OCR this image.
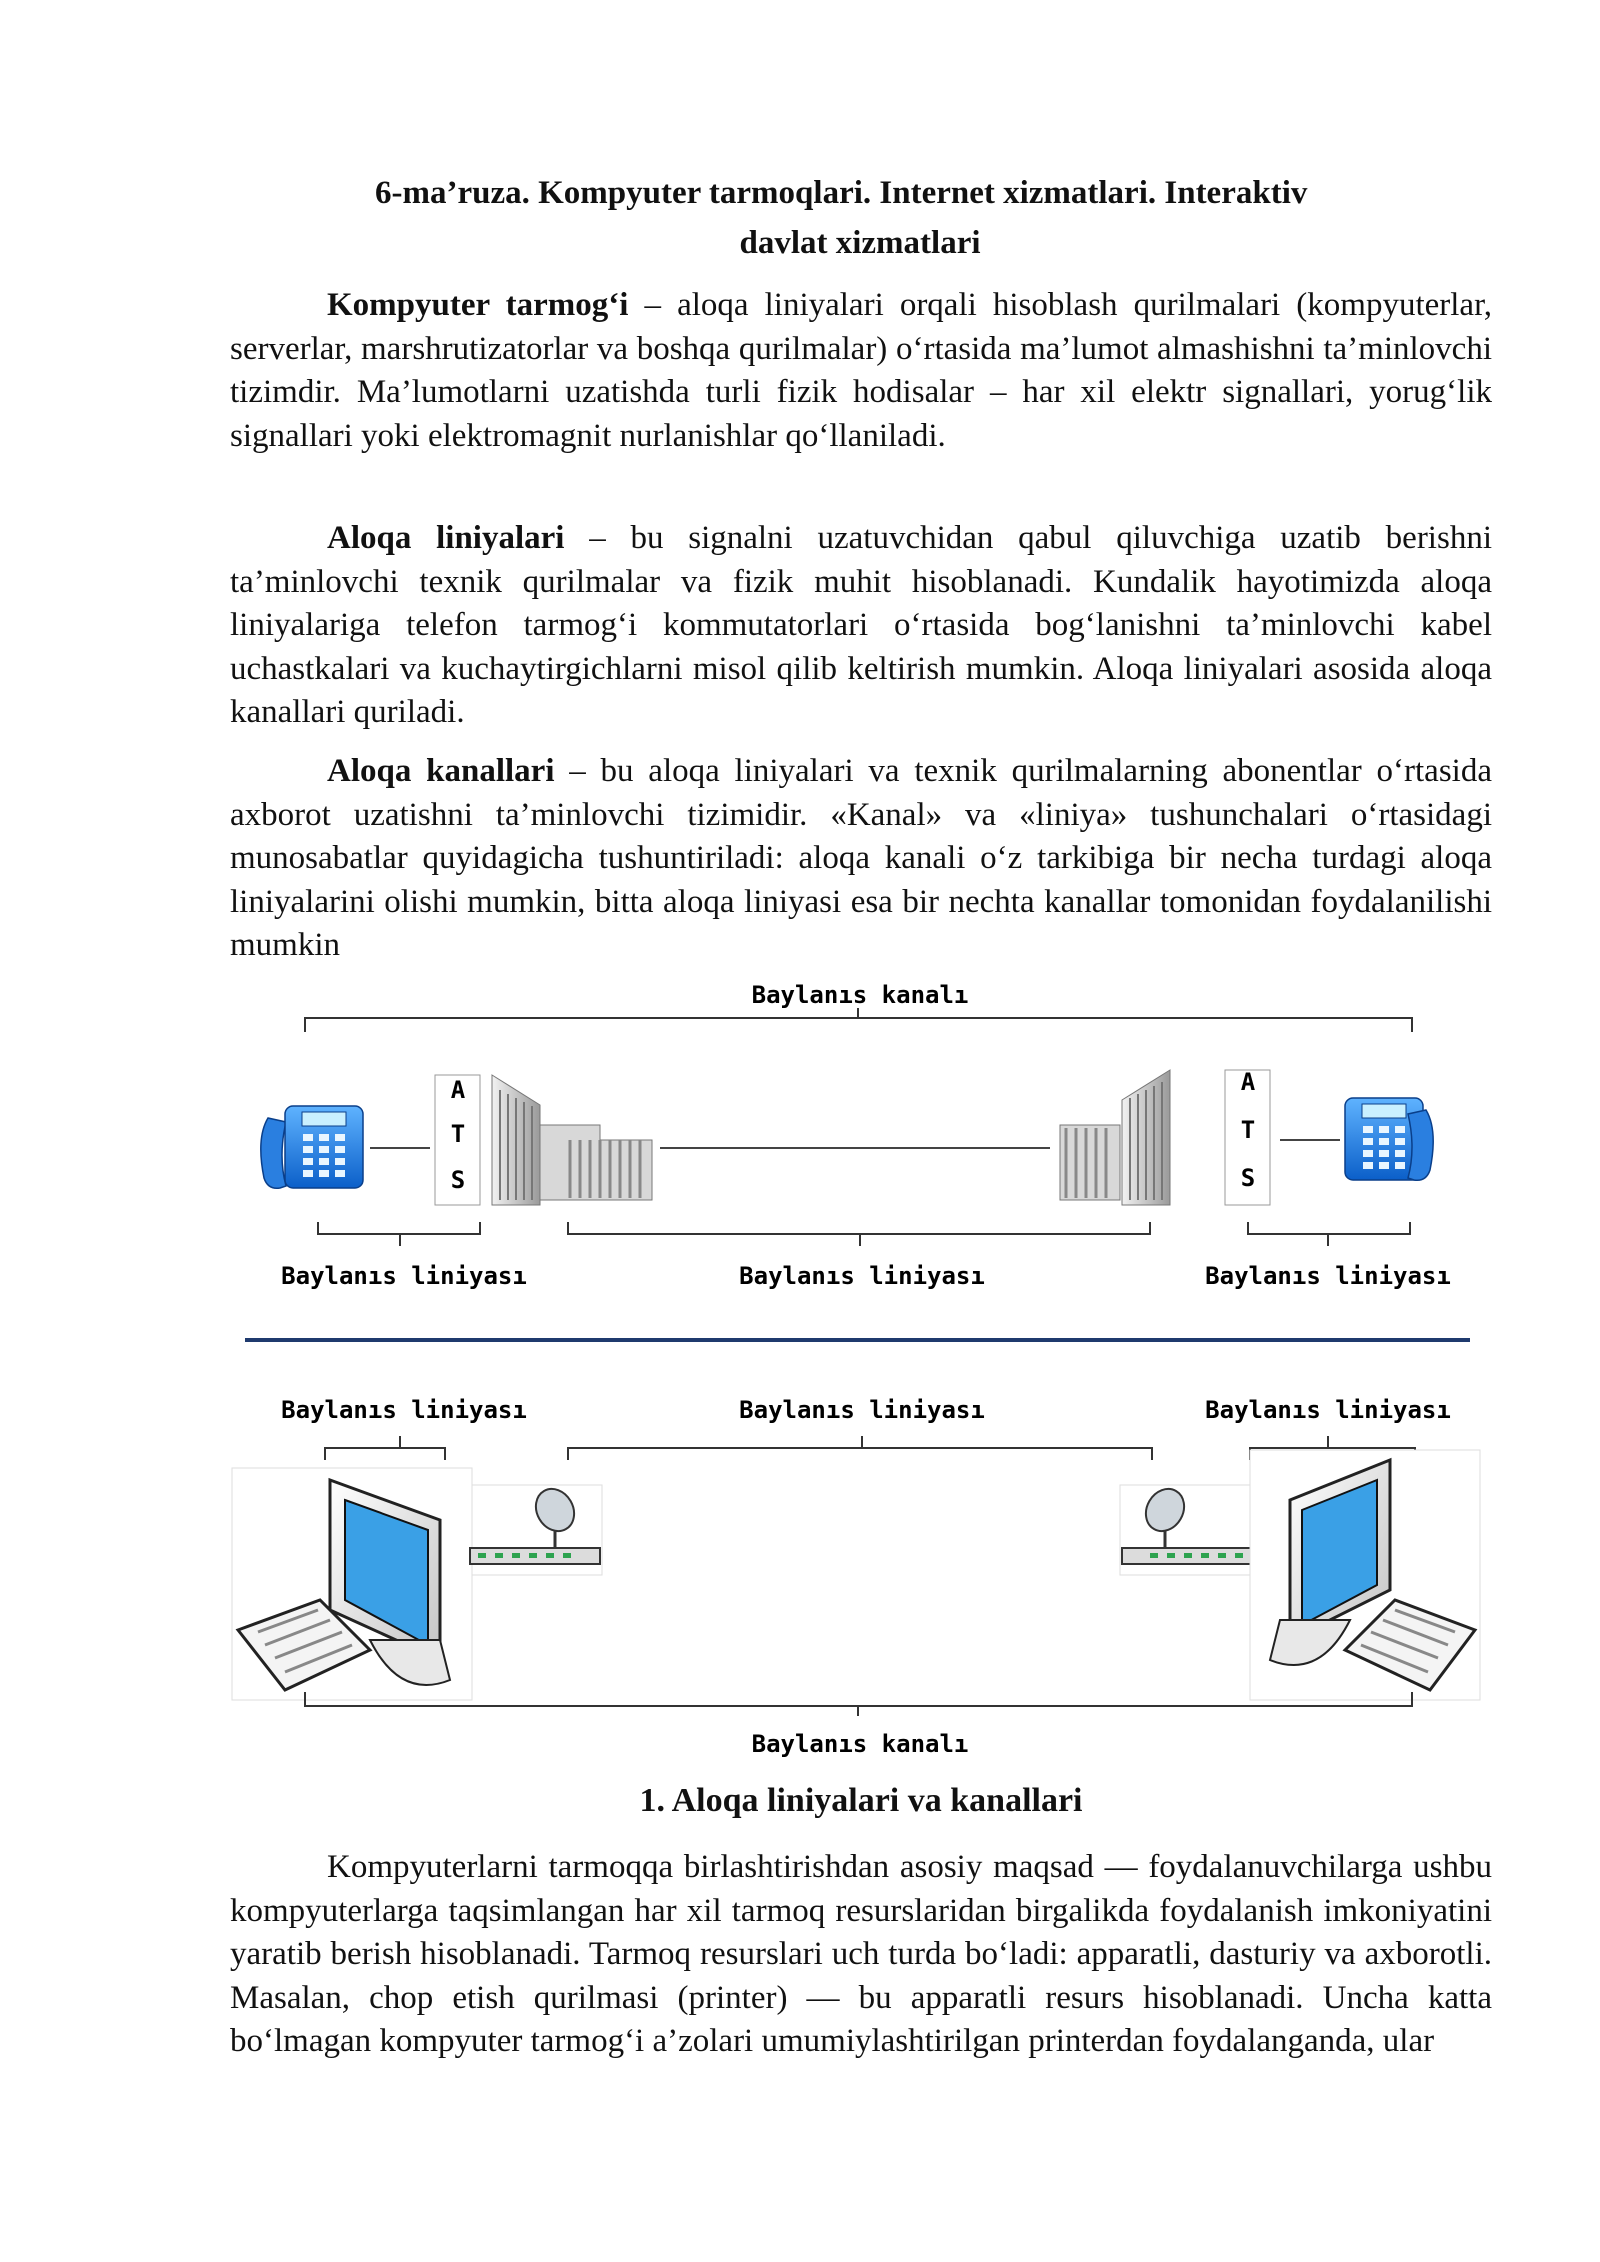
6-ma’ruza. Kompyuter tarmoqlari. Internet xizmatlari. Interaktiv
davlat xizmatlari

Kompyuter tarmog‘i – aloqa liniyalari orqali hisoblash qurilmalari (kompyuterlar, serverlar, marshrutizatorlar va boshqa qurilmalar) o‘rtasida ma’lumot almashishni ta’minlovchi tizimdir. Ma’lumotlarni uzatishda turli fizik hodisalar – har xil elektr signallari, yorug‘lik signallari yoki elektromagnit nurlanishlar qo‘llaniladi.

Aloqa liniyalari – bu signalni uzatuvchidan qabul qiluvchiga uzatib berishni ta’minlovchi texnik qurilmalar va fizik muhit hisoblanadi. Kundalik hayotimizda aloqa liniyalariga telefon tarmog‘i kommutatorlari o‘rtasida bog‘lanishni ta’minlovchi kabel uchastkalari va kuchaytirgichlarni misol qilib keltirish mumkin. Aloqa liniyalari asosida aloqa kanallari quriladi.

Aloqa kanallari – bu aloqa liniyalari va texnik qurilmalarning abonentlar o‘rtasida axborot uzatishni ta’minlovchi tizimidir. «Kanal» va «liniya» tushunchalari o‘rtasidagi munosabatlar quyidagicha tushuntiriladi: aloqa kanali o‘z tarkibiga bir necha turdagi aloqa liniyalarini olishi mumkin, bitta aloqa liniyasi esa bir nechta kanallar tomonidan foydalanilishi mumkin

Baylanıs kanalı
A
T
S
A
T
S
Baylanıs liniyası	Baylanıs liniyası	Baylanıs liniyası
Baylanıs liniyası	Baylanıs liniyası	Baylanıs liniyası
Baylanıs kanalı
1. Aloqa liniyalari va kanallari

Kompyuterlarni tarmoqqa birlashtirishdan asosiy maqsad — foydalanuvchilarga ushbu kompyuterlarga taqsimlangan har xil tarmoq resurslaridan birgalikda foydalanish imkoniyatini yaratib berish hisoblanadi. Tarmoq resurslari uch turda bo‘ladi: apparatli, dasturiy va axborotli. Masalan, chop etish qurilmasi (printer) — bu apparatli resurs hisoblanadi. Uncha katta bo‘lmagan kompyuter tarmog‘i a’zolari umumiylashtirilgan printerdan foydalanganda, ular
